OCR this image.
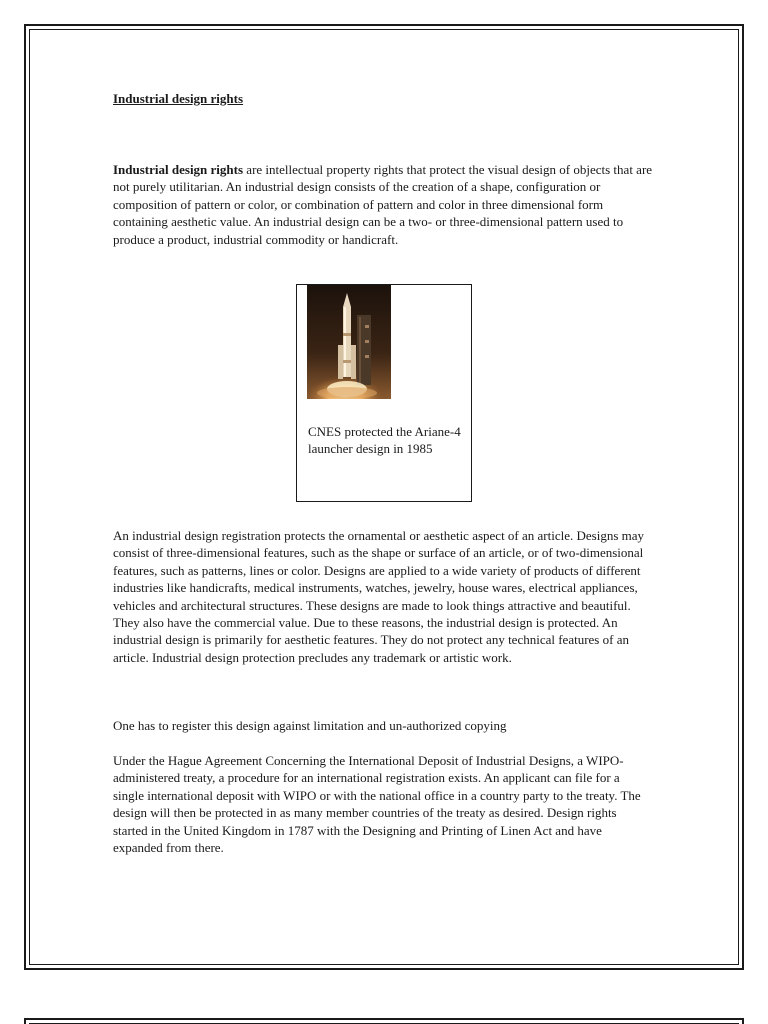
Industrial design rights

Industrial design rights are intellectual property rights that protect the visual design of objects that are not purely utilitarian. An industrial design consists of the creation of a shape, configuration or composition of pattern or color, or combination of pattern and color in three dimensional form containing aesthetic value. An industrial design can be a two- or three-dimensional pattern used to produce a product, industrial commodity or handicraft.

CNES protected the Ariane-4 launcher design in 1985

An industrial design registration protects the ornamental or aesthetic aspect of an article. Designs may consist of three-dimensional features, such as the shape or surface of an article, or of two-dimensional features, such as patterns, lines or color. Designs are applied to a wide variety of products of different industries like handicrafts, medical instruments, watches, jewelry, house wares, electrical appliances, vehicles and architectural structures. These designs are made to look things attractive and beautiful. They also have the commercial value. Due to these reasons, the industrial design is protected. An industrial design is primarily for aesthetic features. They do not protect any technical features of an article. Industrial design protection precludes any trademark or artistic work.

One has to register this design against limitation and un-authorized copying

Under the Hague Agreement Concerning the International Deposit of Industrial Designs, a WIPO-administered treaty, a procedure for an international registration exists. An applicant can file for a single international deposit with WIPO or with the national office in a country party to the treaty. The design will then be protected in as many member countries of the treaty as desired. Design rights started in the United Kingdom in 1787 with the Designing and Printing of Linen Act and have expanded from there.
